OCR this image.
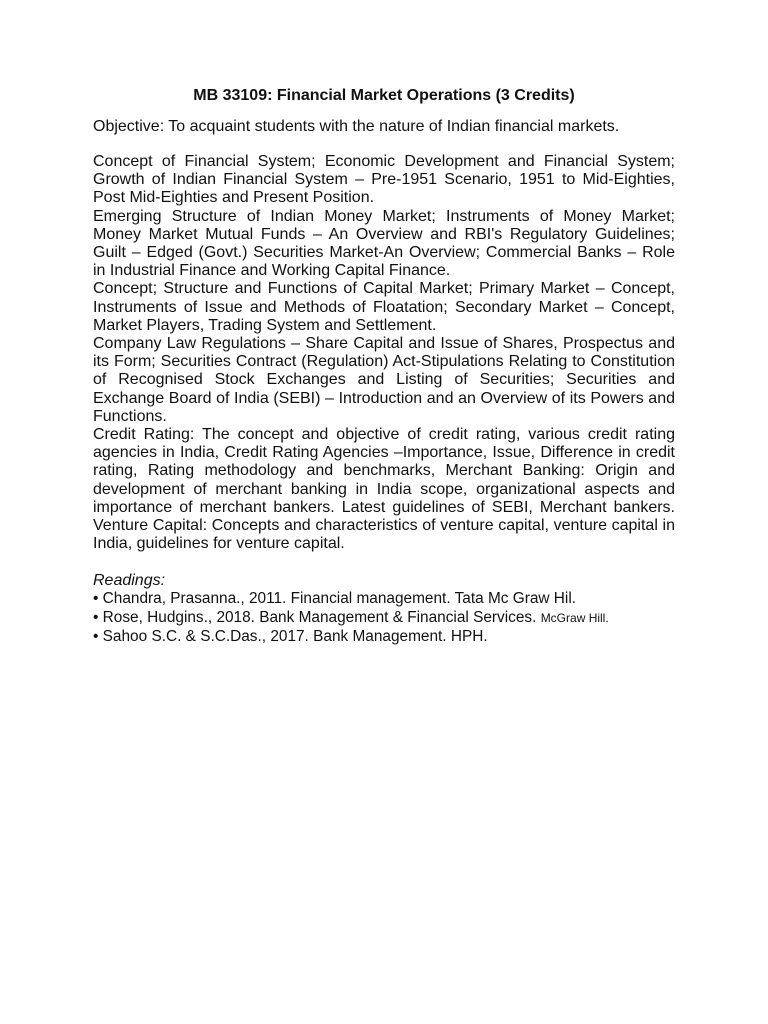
MB 33109: Financial Market Operations (3 Credits)

Objective: To acquaint students with the nature of Indian financial markets.

Concept of Financial System; Economic Development and Financial System; Growth of Indian Financial System – Pre-1951 Scenario, 1951 to Mid-Eighties, Post Mid-Eighties and Present Position.

Emerging Structure of Indian Money Market; Instruments of Money Market; Money Market Mutual Funds – An Overview and RBI's Regulatory Guidelines; Guilt – Edged (Govt.) Securities Market-An Overview; Commercial Banks – Role in Industrial Finance and Working Capital Finance.

Concept; Structure and Functions of Capital Market; Primary Market – Concept, Instruments of Issue and Methods of Floatation; Secondary Market – Concept, Market Players, Trading System and Settlement.

Company Law Regulations – Share Capital and Issue of Shares, Prospectus and its Form; Securities Contract (Regulation) Act-Stipulations Relating to Constitution of Recognised Stock Exchanges and Listing of Securities; Securities and Exchange Board of India (SEBI) – Introduction and an Overview of its Powers and Functions.

Credit Rating: The concept and objective of credit rating, various credit rating agencies in India, Credit Rating Agencies –Importance, Issue, Difference in credit rating, Rating methodology and benchmarks, Merchant Banking: Origin and development of merchant banking in India scope, organizational aspects and importance of merchant bankers. Latest guidelines of SEBI, Merchant bankers. Venture Capital: Concepts and characteristics of venture capital, venture capital in India, guidelines for venture capital.

Readings:

• Chandra, Prasanna., 2011. Financial management. Tata Mc Graw Hil.

• Rose, Hudgins., 2018. Bank Management & Financial Services. McGraw Hill.

• Sahoo S.C. & S.C.Das., 2017. Bank Management. HPH.
